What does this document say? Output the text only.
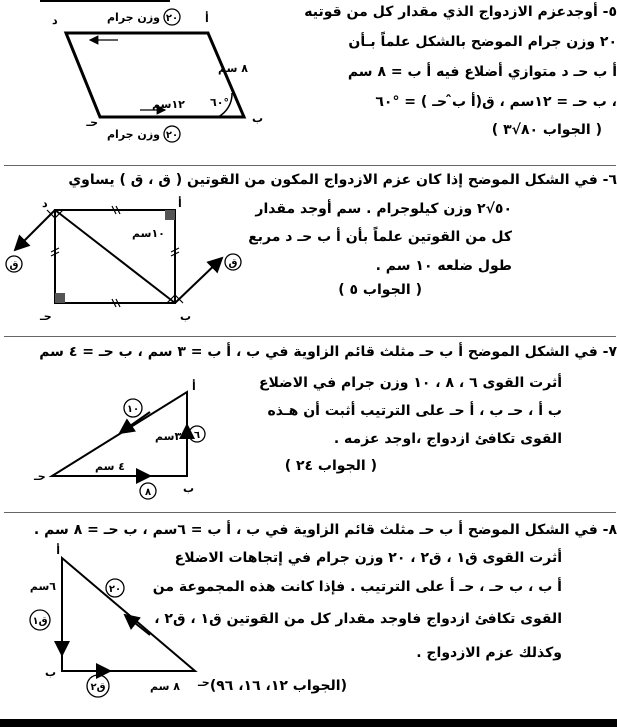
٥- أوجدعزم الازدواج الذي مقدار كل من قوتيه
٢٠ وزن جرام الموضح بالشكل علماً بـأن
أ ب حـ د متوازي أضلاع فيه أ ب = ٨ سم
، ب حـ = ١٢سم ، ق(أ ب̂ حـ ) = °٦٠
( الجواب ٨٠√٣ )
٢٠
٢٠
وزن جرام
وزن جرام
أ
ب
حـ
د
٨ سم
١٢سم ٦٠°
٦- في الشكل الموضح إذا كان عزم الازدواج المكون من القوتين ( ق ، ق ) يساوي
٥٠√٢ وزن كيلوجرام . سم أوجد مقدار
كل من القوتين علماً بأن أ ب حـ د مربع
طول ضلعه ١٠ سم .
( الجواب ٥ )
أ
ب
حـ
د
١٠سم
ق	ق
٧- في الشكل الموضح أ ب حـ مثلث قائم الزاوية في ب ، أ ب = ٣ سم ، ب حـ = ٤ سم
أثرت القوى ٦ ، ٨ ، ١٠ وزن جرام في الاضلاع
ب أ ، حـ ب ، أ حـ على الترتيب أثبت أن هـذه
القوى تكافئ ازدواج ،اوجد عزمه .
( الجواب ٢٤ )
أ
ب
حـ
٣سم
٤ سم
٦
٨
١٠
٨- في الشكل الموضح أ ب حـ مثلث قائم الزاوية في ب ، أ ب = ٦سم ، ب حـ = ٨ سم .
أثرت القوى ق١ ، ق٢ ، ٢٠ وزن جرام في إتجاهات الاضلاع
أ ب ، ب حـ ، حـ أ على الترتيب . فإذا كانت هذه المجموعة من
القوى تكافئ ازدواج فاوجد مقدار كل من القوتين ق١ ، ق٢ ،
وكذلك عزم الازدواج .
(الجواب ١٢، ١٦، ٩٦)
أ
ب
حـ
٦سم
٨ سم
ق١
ق٢
٢٠
